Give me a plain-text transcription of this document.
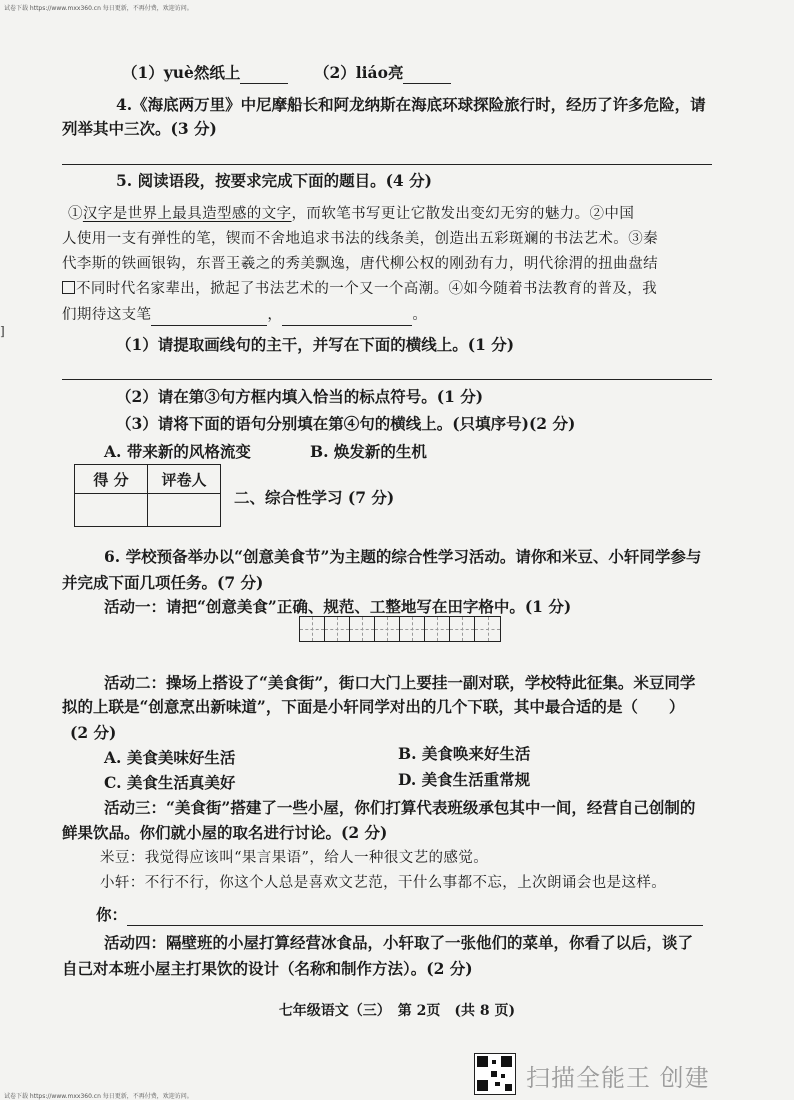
试卷下载 https://www.mxx360.cn 每日更新，不再付费，欢迎访问。
（1）yuè然纸上	（2）liáo亮
4.《海底两万里》中尼摩船长和阿龙纳斯在海底环球探险旅行时，经历了许多危险，请
列举其中三次。(3 分)
5. 阅读语段，按要求完成下面的题目。(4 分)
①汉字是世界上最具造型感的文字，而软笔书写更让它散发出变幻无穷的魅力。②中国
人使用一支有弹性的笔，锲而不舍地追求书法的线条美，创造出五彩斑斓的书法艺术。③秦
代李斯的铁画银钩，东晋王羲之的秀美飘逸，唐代柳公权的刚劲有力，明代徐渭的扭曲盘结
不同时代名家辈出，掀起了书法艺术的一个又一个高潮。④如今随着书法教育的普及，我
们期待这支笔	，	。
（1）请提取画线句的主干，并写在下面的横线上。(1 分)
（2）请在第③句方框内填入恰当的标点符号。(1 分)
（3）请将下面的语句分别填在第④句的横线上。(只填序号)(2 分)
A. 带来新的风格流变	B. 焕发新的生机
得 分	评卷人

二、综合性学习 (7 分)
6. 学校预备举办以“创意美食节”为主题的综合性学习活动。请你和米豆、小轩同学参与
并完成下面几项任务。(7 分)
活动一：请把“创意美食”正确、规范、工整地写在田字格中。(1 分)
活动二：操场上搭设了“美食街”，街口大门上要挂一副对联，学校特此征集。米豆同学
拟的上联是“创意烹出新味道”，下面是小轩同学对出的几个下联，其中最合适的是（　　）
(2 分)
A. 美食美味好生活	B. 美食唤来好生活
C. 美食生活真美好	D. 美食生活重常规
活动三：“美食街”搭建了一些小屋，你们打算代表班级承包其中一间，经营自己创制的
鲜果饮品。你们就小屋的取名进行讨论。(2 分)
米豆：我觉得应该叫“果言果语”，给人一种很文艺的感觉。
小轩：不行不行，你这个人总是喜欢文艺范，干什么事都不忘，上次朗诵会也是这样。
你：
活动四：隔壁班的小屋打算经营冰食品，小轩取了一张他们的菜单，你看了以后，谈了
自己对本班小屋主打果饮的设计（名称和制作方法）。(2 分)
七年级语文（三）　第 2页　(共 8 页)
试卷下载 https://www.mxx360.cn 每日更新，不再付费，欢迎访问。
扫描全能王 创建
]
